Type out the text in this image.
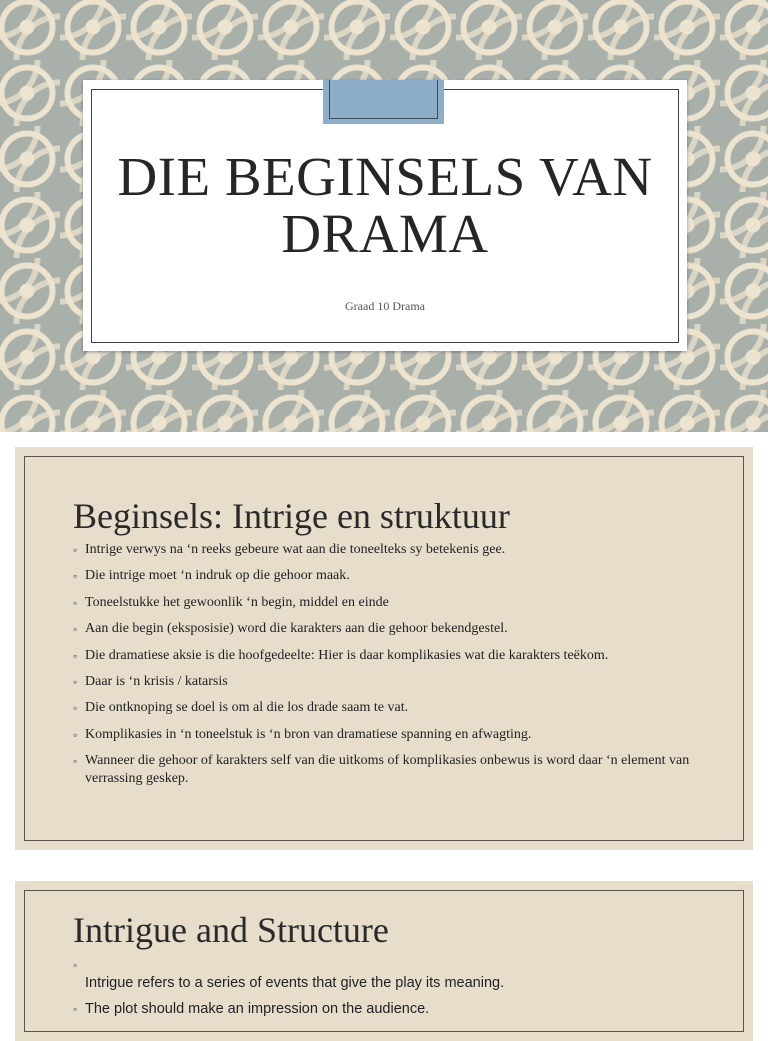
DIE BEGINSELS VAN DRAMA
Graad 10 Drama
Beginsels: Intrige en struktuur
◦ Intrige verwys na ‘n reeks gebeure wat aan die toneelteks sy betekenis gee.
◦ Die intrige moet ‘n indruk op die gehoor maak.
◦ Toneelstukke het gewoonlik ‘n begin, middel en einde
◦ Aan die begin (eksposisie) word die karakters aan die gehoor bekendgestel.
◦ Die dramatiese aksie is die hoofgedeelte: Hier is daar komplikasies wat die karakters teëkom.
◦ Daar is ‘n krisis / katarsis
◦ Die ontknoping se doel is om al die los drade saam te vat.
◦ Komplikasies in ‘n toneelstuk is ‘n bron van dramatiese spanning en afwagting.
◦ Wanneer die gehoor of karakters self van die uitkoms of komplikasies onbewus is word daar ‘n element van verrassing geskep.
Intrigue and Structure
◦ Intrigue refers to a series of events that give the play its meaning.
◦ The plot should make an impression on the audience.
